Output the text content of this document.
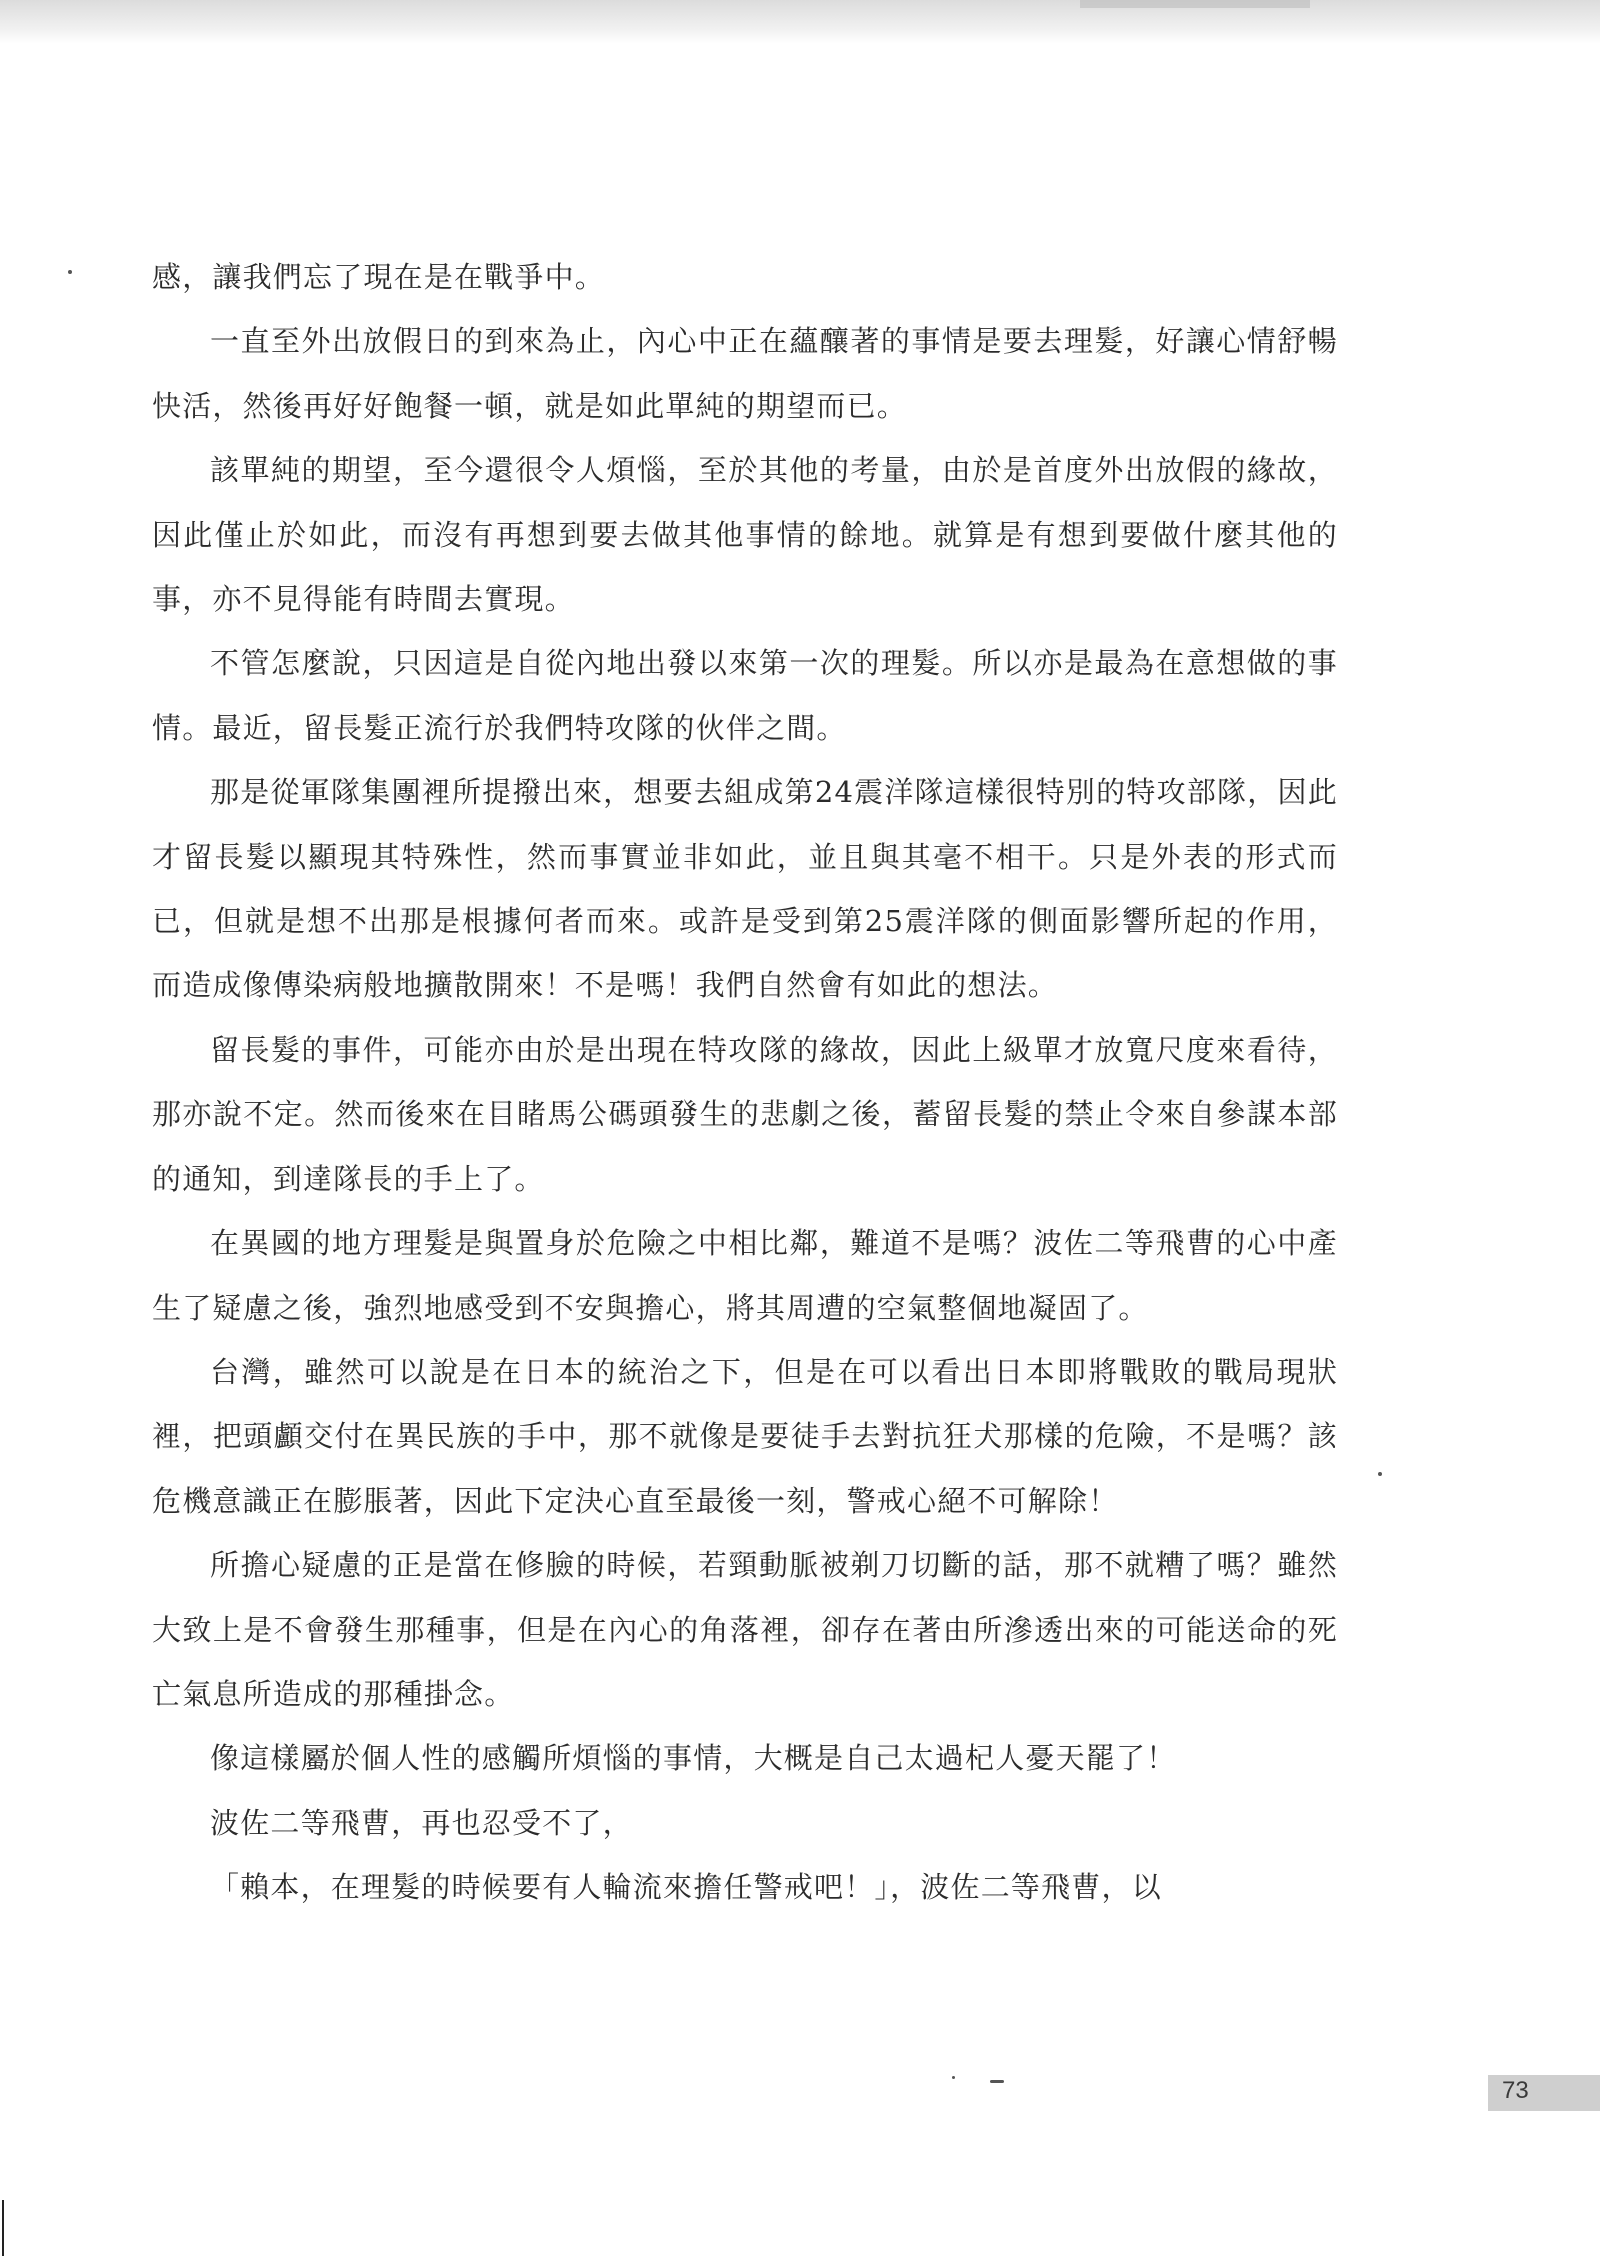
感，讓我們忘了現在是在戰爭中。

一直至外出放假日的到來為止，內心中正在蘊釀著的事情是要去理髮，好讓心情舒暢快活，然後再好好飽餐一頓，就是如此單純的期望而已。

該單純的期望，至今還很令人煩惱，至於其他的考量，由於是首度外出放假的緣故，因此僅止於如此，而沒有再想到要去做其他事情的餘地。就算是有想到要做什麼其他的事，亦不見得能有時間去實現。

不管怎麼說，只因這是自從內地出發以來第一次的理髮。所以亦是最為在意想做的事情。最近，留長髮正流行於我們特攻隊的伙伴之間。

那是從軍隊集團裡所提撥出來，想要去組成第24震洋隊這樣很特別的特攻部隊，因此才留長髮以顯現其特殊性，然而事實並非如此，並且與其毫不相干。只是外表的形式而已，但就是想不出那是根據何者而來。或許是受到第25震洋隊的側面影響所起的作用，而造成像傳染病般地擴散開來！不是嗎！我們自然會有如此的想法。

留長髮的事件，可能亦由於是出現在特攻隊的緣故，因此上級單才放寬尺度來看待，那亦說不定。然而後來在目睹馬公碼頭發生的悲劇之後，蓄留長髮的禁止令來自參謀本部的通知，到達隊長的手上了。

在異國的地方理髮是與置身於危險之中相比鄰，難道不是嗎？波佐二等飛曹的心中產生了疑慮之後，強烈地感受到不安與擔心，將其周遭的空氣整個地凝固了。

台灣，雖然可以說是在日本的統治之下，但是在可以看出日本即將戰敗的戰局現狀裡，把頭顱交付在異民族的手中，那不就像是要徒手去對抗狂犬那樣的危險，不是嗎？該危機意識正在膨脹著，因此下定決心直至最後一刻，警戒心絕不可解除！

所擔心疑慮的正是當在修臉的時候，若頸動脈被剃刀切斷的話，那不就糟了嗎？雖然大致上是不會發生那種事，但是在內心的角落裡，卻存在著由所滲透出來的可能送命的死亡氣息所造成的那種掛念。

像這樣屬於個人性的感觸所煩惱的事情，大概是自己太過杞人憂天罷了！

波佐二等飛曹，再也忍受不了，

「賴本，在理髮的時候要有人輪流來擔任警戒吧！」，波佐二等飛曹，以

73
